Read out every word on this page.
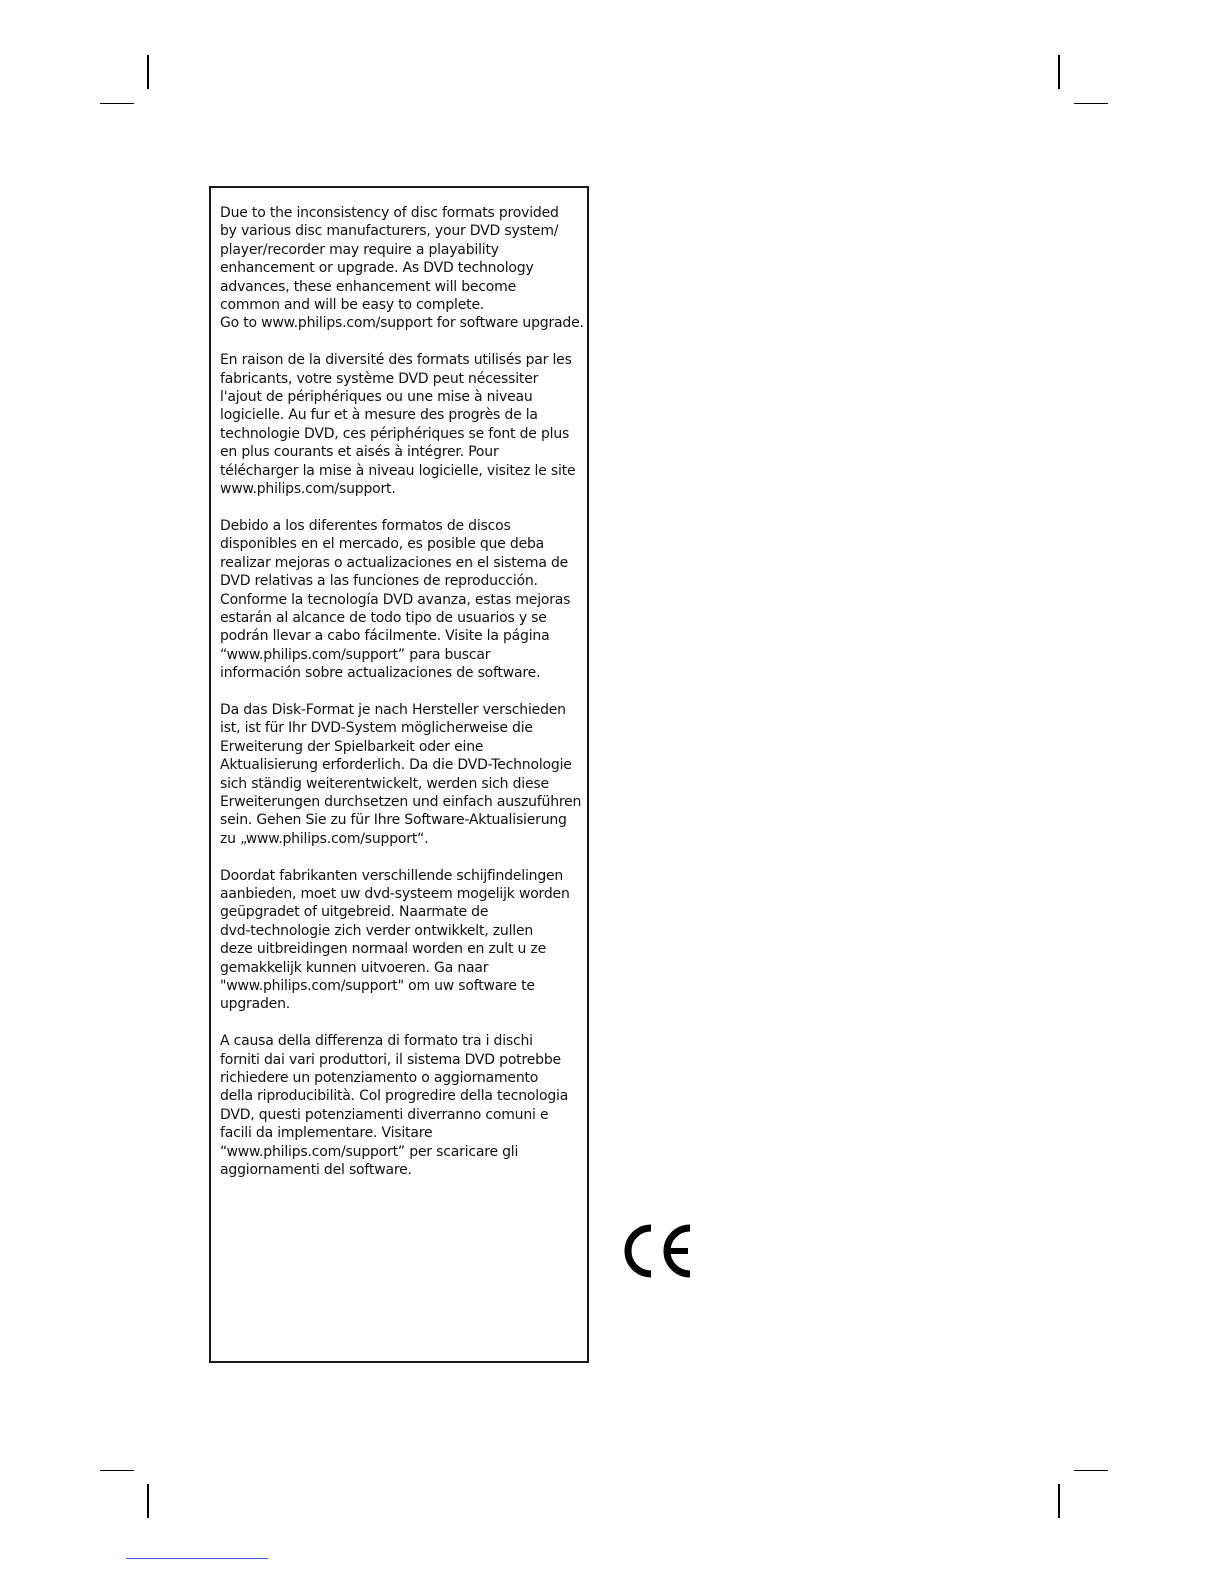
Due to the inconsistency of disc formats provided
by various disc manufacturers, your DVD system/
player/recorder may require a playability
enhancement or upgrade. As DVD technology
advances, these enhancement will become
common and will be easy to complete.
Go to www.philips.com/support for software upgrade.

En raison de la diversité des formats utilisés par les
fabricants, votre système DVD peut nécessiter
l'ajout de périphériques ou une mise à niveau
logicielle. Au fur et à mesure des progrès de la
technologie DVD, ces périphériques se font de plus
en plus courants et aisés à intégrer. Pour
télécharger la mise à niveau logicielle, visitez le site
www.philips.com/support.

Debido a los diferentes formatos de discos
disponibles en el mercado, es posible que deba
realizar mejoras o actualizaciones en el sistema de
DVD relativas a las funciones de reproducción.
Conforme la tecnología DVD avanza, estas mejoras
estarán al alcance de todo tipo de usuarios y se
podrán llevar a cabo fácilmente. Visite la página
“www.philips.com/support” para buscar
información sobre actualizaciones de software.

Da das Disk-Format je nach Hersteller verschieden
ist, ist für Ihr DVD-System möglicherweise die
Erweiterung der Spielbarkeit oder eine
Aktualisierung erforderlich. Da die DVD-Technologie
sich ständig weiterentwickelt, werden sich diese
Erweiterungen durchsetzen und einfach auszuführen
sein. Gehen Sie zu für Ihre Software-Aktualisierung
zu „www.philips.com/support“.

Doordat fabrikanten verschillende schijfindelingen
aanbieden, moet uw dvd-systeem mogelijk worden
geüpgradet of uitgebreid. Naarmate de
dvd-technologie zich verder ontwikkelt, zullen
deze uitbreidingen normaal worden en zult u ze
gemakkelijk kunnen uitvoeren. Ga naar
"www.philips.com/support" om uw software te
upgraden.

A causa della differenza di formato tra i dischi
forniti dai vari produttori, il sistema DVD potrebbe
richiedere un potenziamento o aggiornamento
della riproducibilità. Col progredire della tecnologia
DVD, questi potenziamenti diverranno comuni e
facili da implementare. Visitare
“www.philips.com/support” per scaricare gli
aggiornamenti del software.
